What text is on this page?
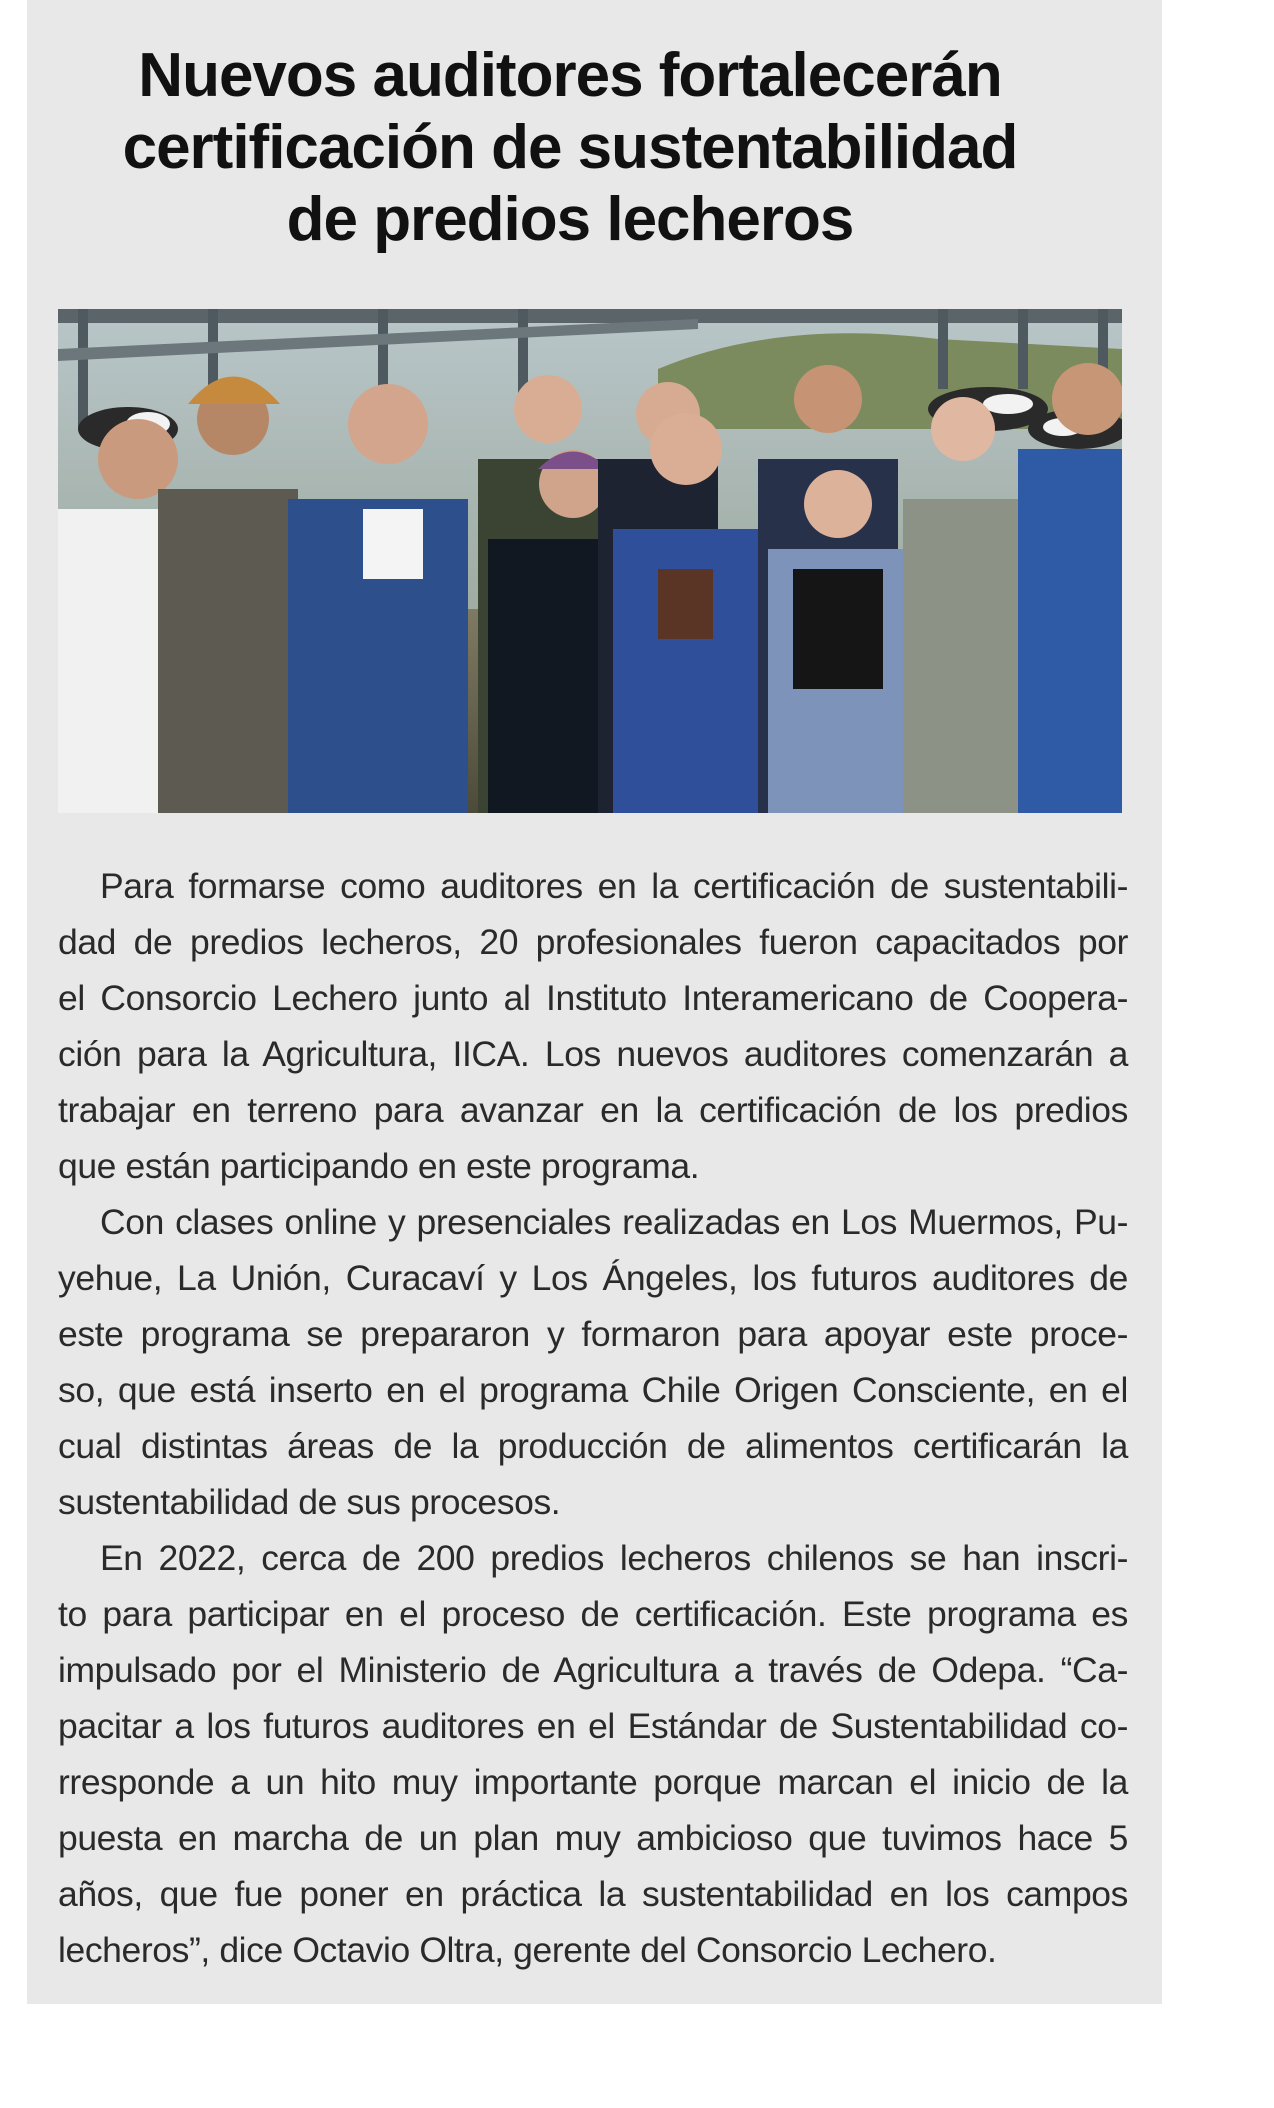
Nuevos auditores fortalecerán
certificación de sustentabilidad
de predios lecheros
Para formarse como auditores en la certificación de sustentabili-
dad de predios lecheros, 20 profesionales fueron capacitados por
el Consorcio Lechero junto al Instituto Interamericano de Coopera-
ción para la Agricultura, IICA. Los nuevos auditores comenzarán a
trabajar en terreno para avanzar en la certificación de los predios
que están participando en este programa.
Con clases online y presenciales realizadas en Los Muermos, Pu-
yehue, La Unión, Curacaví y Los Ángeles, los futuros auditores de
este programa se prepararon y formaron para apoyar este proce-
so, que está inserto en el programa Chile Origen Consciente, en el
cual distintas áreas de la producción de alimentos certificarán la
sustentabilidad de sus procesos.
En 2022, cerca de 200 predios lecheros chilenos se han inscri-
to para participar en el proceso de certificación. Este programa es
impulsado por el Ministerio de Agricultura a través de Odepa. “Ca-
pacitar a los futuros auditores en el Estándar de Sustentabilidad co-
rresponde a un hito muy importante porque marcan el inicio de la
puesta en marcha de un plan muy ambicioso que tuvimos hace 5
años, que fue poner en práctica la sustentabilidad en los campos
lecheros”, dice Octavio Oltra, gerente del Consorcio Lechero.
